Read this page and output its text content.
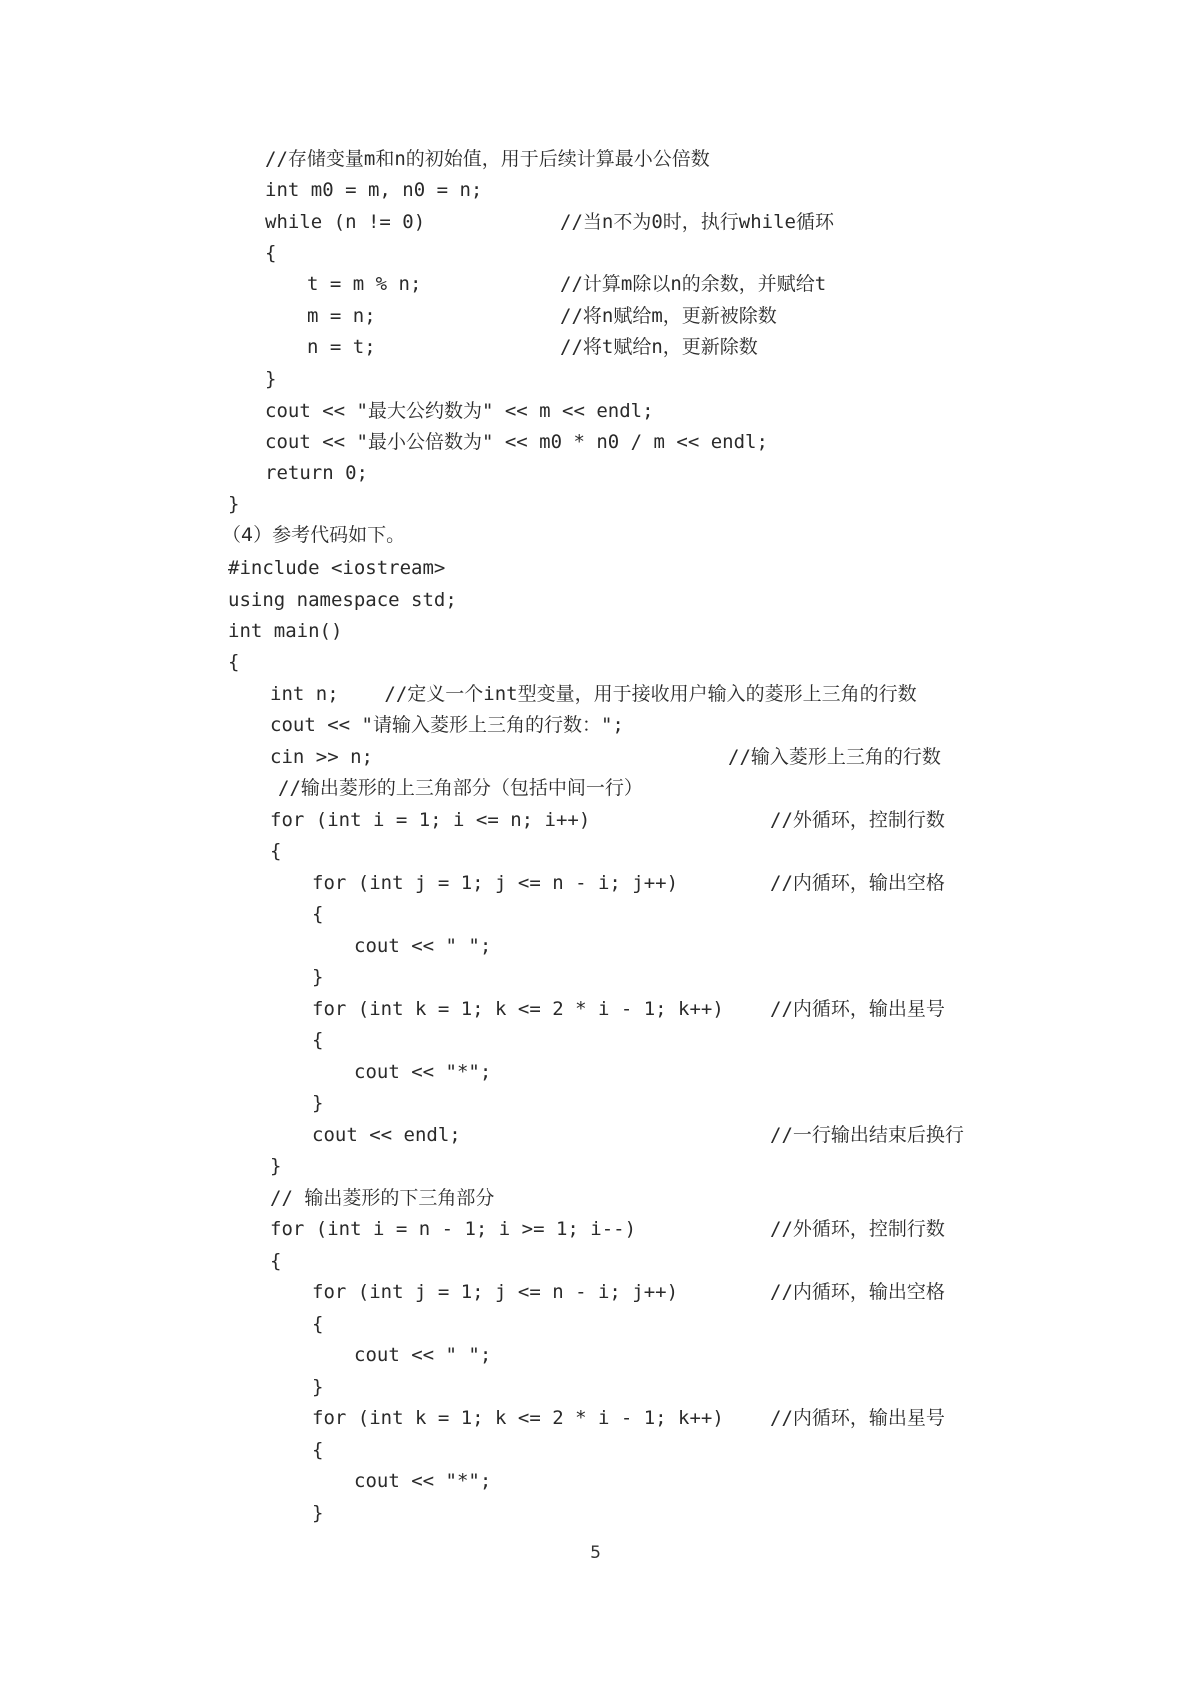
//存储变量m和n的初始值，用于后续计算最小公倍数
int m0 = m, n0 = n;
while (n != 0)	//当n不为0时，执行while循环
{
t = m % n;	//计算m除以n的余数，并赋给t
m = n;	//将n赋给m，更新被除数
n = t;	//将t赋给n，更新除数
}
cout << "最大公约数为" << m << endl;
cout << "最小公倍数为" << m0 * n0 / m << endl;
return 0;
}
（4）参考代码如下。
#include <iostream>
using namespace std;
int main()
{
int n;    //定义一个int型变量，用于接收用户输入的菱形上三角的行数
cout << "请输入菱形上三角的行数：";
cin >> n;	//输入菱形上三角的行数
//输出菱形的上三角部分（包括中间一行）
for (int i = 1; i <= n; i++)	//外循环，控制行数
{
for (int j = 1; j <= n - i; j++)	//内循环，输出空格
{
cout << " ";
}
for (int k = 1; k <= 2 * i - 1; k++) //内循环，输出星号
{
cout << "*";
}
cout << endl;	//一行输出结束后换行
}
// 输出菱形的下三角部分
for (int i = n - 1; i >= 1; i--)	//外循环，控制行数
{
for (int j = 1; j <= n - i; j++)	//内循环，输出空格
{
cout << " ";
}
for (int k = 1; k <= 2 * i - 1; k++) //内循环，输出星号
{
cout << "*";
}
5
